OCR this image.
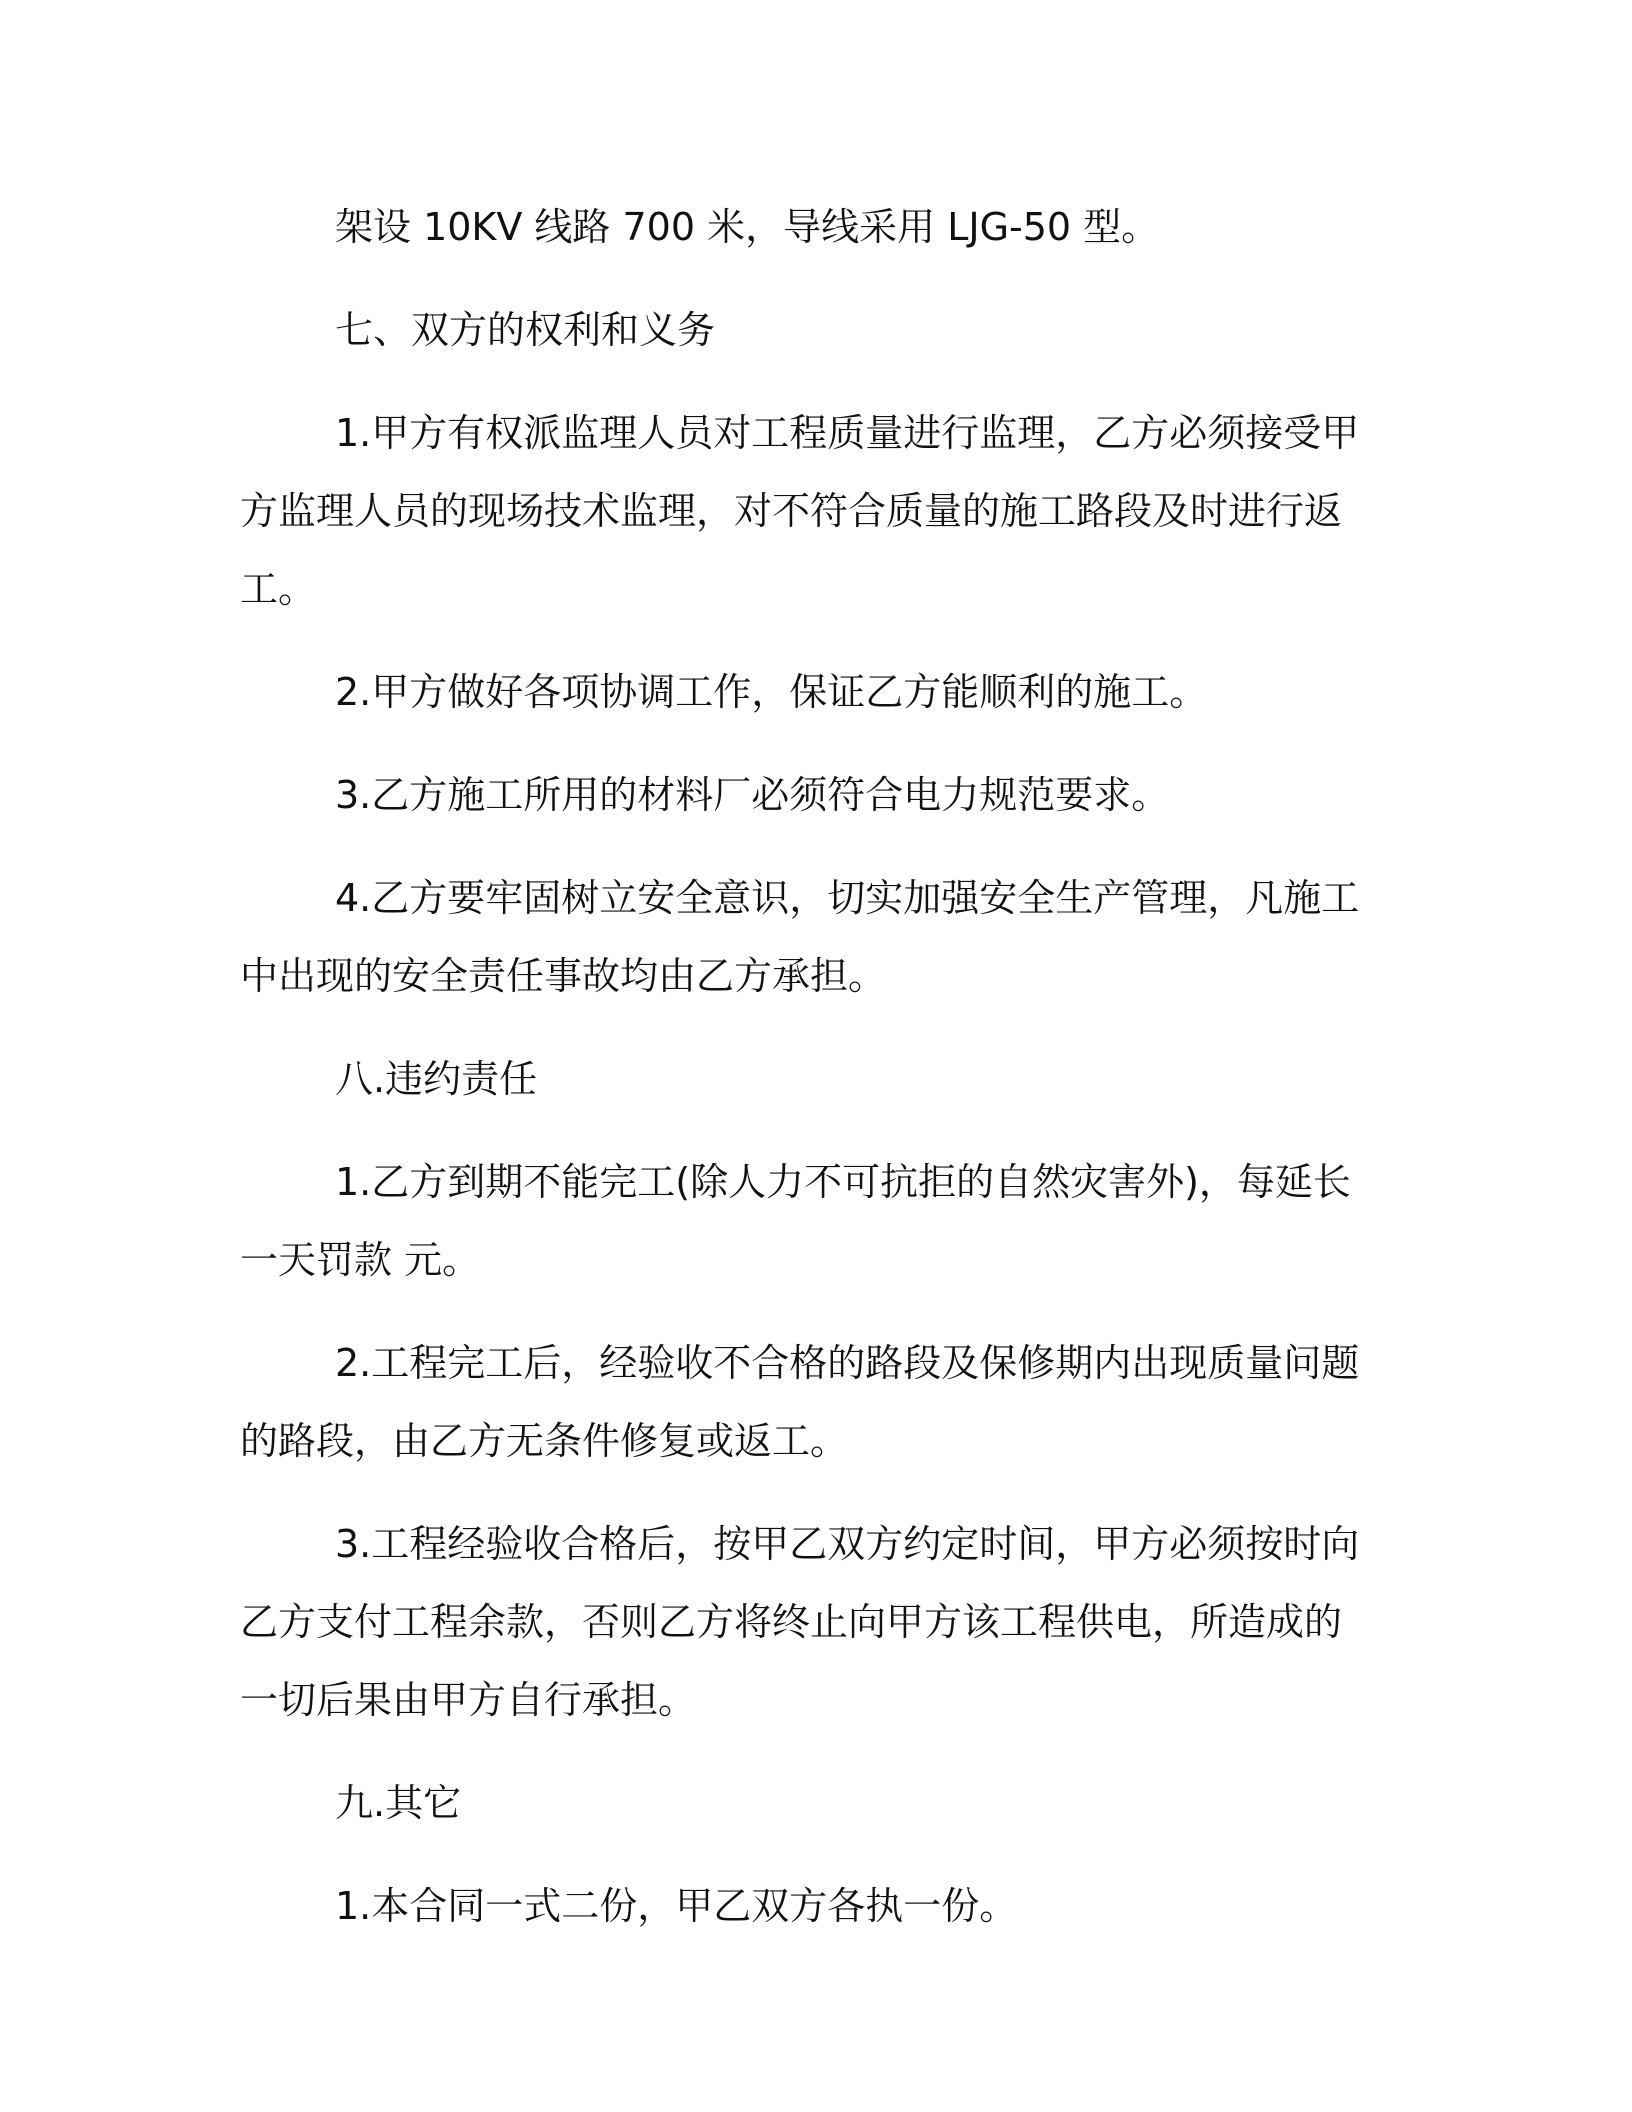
架设 10KV 线路 700 米，导线采用 LJG-50 型。

七、双方的权利和义务

1.甲方有权派监理人员对工程质量进行监理，乙方必须接受甲方监理人员的现场技术监理，对不符合质量的施工路段及时进行返工。

2.甲方做好各项协调工作，保证乙方能顺利的施工。

3.乙方施工所用的材料厂必须符合电力规范要求。

4.乙方要牢固树立安全意识，切实加强安全生产管理，凡施工中出现的安全责任事故均由乙方承担。

八.违约责任

1.乙方到期不能完工(除人力不可抗拒的自然灾害外)，每延长一天罚款 元。

2.工程完工后，经验收不合格的路段及保修期内出现质量问题的路段，由乙方无条件修复或返工。

3.工程经验收合格后，按甲乙双方约定时间，甲方必须按时向乙方支付工程余款，否则乙方将终止向甲方该工程供电，所造成的一切后果由甲方自行承担。

九.其它

1.本合同一式二份，甲乙双方各执一份。
